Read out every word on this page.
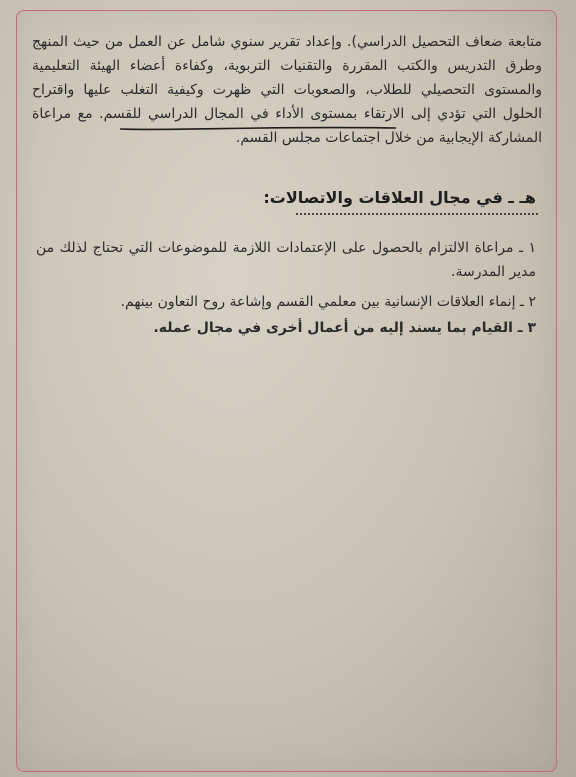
متابعة ضعاف التحصيل الدراسي). وإعداد تقرير سنوي شامل عن العمل من حيث المنهج وطرق التدريس والكتب المقررة والتقنيات التربوية، وكفاءة أعضاء الهيئة التعليمية والمستوى التحصيلي للطلاب، والصعوبات التي ظهرت وكيفية التغلب عليها واقتراح الحلول التي تؤدي إلى الارتقاء بمستوى الأداء في المجال الدراسي للقسم. مع مراعاة المشاركة الإيجابية من خلال اجتماعات مجلس القسم.
هـ ـ في مجال العلاقات والاتصالات:
١ ـ مراعاة الالتزام بالحصول على الإعتمادات اللازمة للموضوعات التي تحتاج لذلك من مدير المدرسة.
٢ ـ إنماء العلاقات الإنسانية بين معلمي القسم وإشاعة روح التعاون بينهم.
٣ ـ القيام بما يسند إليه من أعمال أخرى في مجال عمله.
